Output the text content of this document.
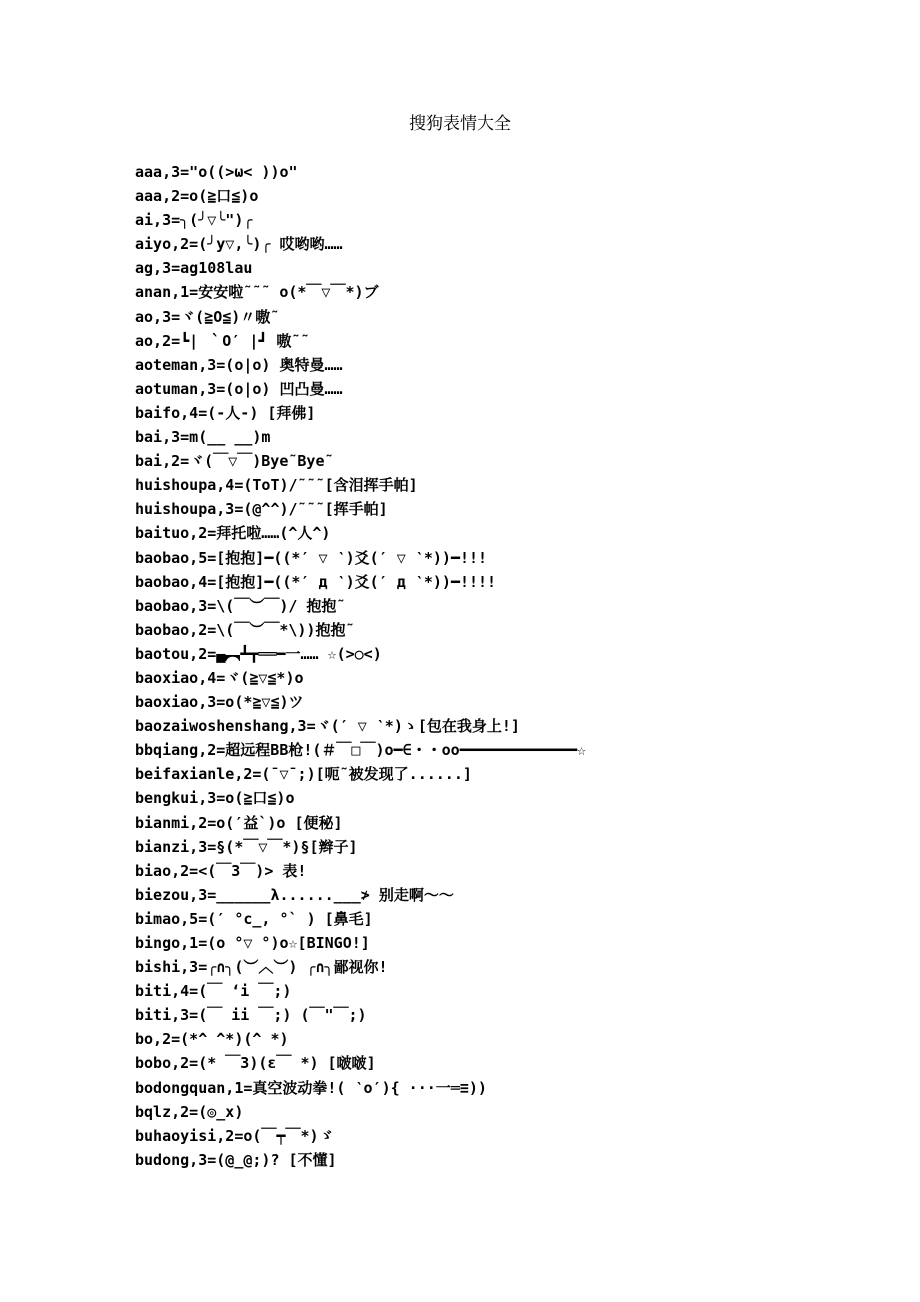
搜狗表情大全
aaa,3="o((>ω< ))o"
aaa,2=o(≧口≦)o
ai,3=╮(╯▽╰")╭
aiyo,2=(╯y▽,╰)╭ 哎哟哟……
ag,3=ag108lau
anan,1=安安啦˜˜˜ o(*￣▽￣*)ブ
ao,3=ヾ(≧O≦)〃嗷˜
ao,2=┗| ｀O′ |┛ 嗷˜˜
aoteman,3=(o|o) 奥特曼……
aotuman,3=(o|o) 凹凸曼……
baifo,4=(-人-) [拜佛]
bai,3=m(__ __)m
bai,2=ヾ(￣▽￣)Bye˜Bye˜
huishoupa,4=(ToT)/˜˜˜[含泪挥手帕]
huishoupa,3=(@^^)/˜˜˜[挥手帕]
baituo,2=拜托啦……(^人^)
baobao,5=[抱抱]━((*′ ▽ ‵)爻(′ ▽ ‵*))━!!!
baobao,4=[抱抱]━((*′ д ‵)爻(′ д ‵*))━!!!!
baobao,3=\(￣︶￣)/ 抱抱˜
baobao,2=\(￣︶￣*\))抱抱˜
baotou,2=▄︻┻┳══━一…… ☆(>○<)
baoxiao,4=ヾ(≧▽≦*)o
baoxiao,3=o(*≧▽≦)ツ
baozaiwoshenshang,3=ヾ(′ ▽ ‵*)ゝ[包在我身上!]
bbqiang,2=超远程BB枪!(＃￣□￣)o━∈・・oo━━━━━━━━━━━━━☆
beifaxianle,2=(¯▽¯;)[呃˜被发现了......]
bengkui,3=o(≧口≦)o
bianmi,2=o(′益`)o [便秘]
bianzi,3=§(*￣▽￣*)§[辫子]
biao,2=<(￣3￣)> 表!
biezou,3=______λ......___≯ 别走啊～～
bimao,5=(′ °c_, °` ) [鼻毛]
bingo,1=(o °▽ °)o☆[BINGO!]
bishi,3=╭∩╮(︶︿︶) ╭∩╮鄙视你!
biti,4=(￣ ‘i ￣;)
biti,3=(￣ ii ￣;) (￣"￣;)
bo,2=(*^ ^*)(^ *)
bobo,2=(* ￣3)(ε￣ *) [啵啵]
bodongquan,1=真空波动拳!( ‵o′){ ···一═≡))
bqlz,2=(◎_x)
buhaoyisi,2=o(￣┯￣*)ゞ
budong,3=(@_@;)? [不懂]
